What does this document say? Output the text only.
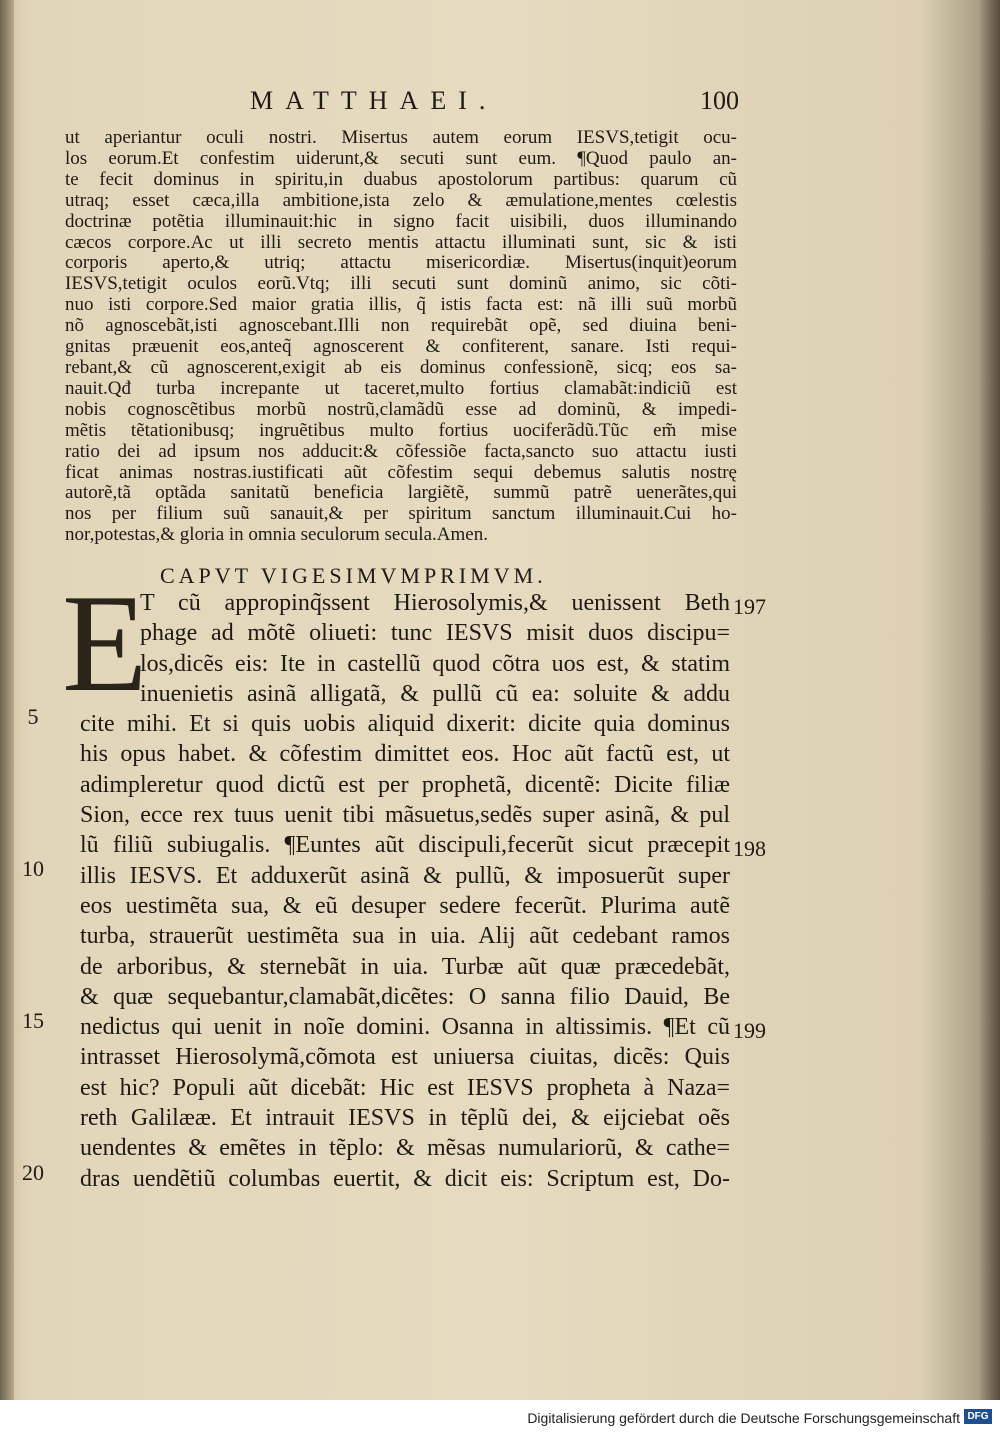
MATTHAEI.	100
ut aperiantur oculi nostri. Misertus autem eorum IESVS,tetigit ocu-
los eorum.Et confestim uiderunt,& secuti sunt eum. ¶Quod paulo an-
te fecit dominus in spiritu,in duabus apostolorum partibus: quarum cũ
utraq; esset cæca,illa ambitione,ista zelo & æmulatione,mentes cœlestis
doctrinæ potẽtia illuminauit:hic in signo facit uisibili, duos illuminando
cæcos corpore.Ac ut illi secreto mentis attactu illuminati sunt, sic & isti
corporis aperto,& utriq; attactu misericordiæ. Misertus(inquit)eorum
IESVS,tetigit oculos eorũ.Vtq; illi secuti sunt dominũ animo, sic cõti-
nuo isti corpore.Sed maior gratia illis, q̃ istis facta est: nã illi suũ morbũ
nõ agnoscebãt,isti agnoscebant.Illi non requirebãt opẽ, sed diuina beni-
gnitas præuenit eos,anteq̃ agnoscerent & confiterent, sanare. Isti requi-
rebant,& cũ agnoscerent,exigit ab eis dominus confessionẽ, sicq; eos sa-
nauit.Qđ turba increpante ut taceret,multo fortius clamabãt:indiciũ est
nobis cognoscẽtibus morbũ nostrũ,clamãdũ esse ad dominũ, & impedi-
mẽtis tẽtationibusq; ingruẽtibus multo fortius uociferãdũ.Tũc em̃ mise
ratio dei ad ipsum nos adducit:& cõfessiõe facta,sancto suo attactu iusti
ficat animas nostras.iustificati aũt cõfestim sequi debemus salutis nostrę
autorẽ,tã optãda sanitatũ beneficia largiẽtẽ, summũ patrẽ uenerãtes,qui
nos per filium suũ sanauit,& per spiritum sanctum illuminauit.Cui ho-
nor,potestas,& gloria in omnia seculorum secula.Amen.
CAPVT VIGESIMVMPRIMVM.
E
T cũ appropinq̃ssent Hierosolymis,& uenissent Beth
phage ad mõtẽ oliueti: tunc IESVS misit duos discipu=
los,dicẽs eis: Ite in castellũ quod cõtra uos est, & statim
inuenietis asinã alligatã, & pullũ cũ ea: soluite & addu
cite mihi. Et si quis uobis aliquid dixerit: dicite quia dominus
his opus habet. & cõfestim dimittet eos. Hoc aũt factũ est, ut
adimpleretur quod dictũ est per prophetã, dicentẽ: Dicite filiæ
Sion, ecce rex tuus uenit tibi mãsuetus,sedẽs super asinã, & pul
lũ filiũ subiugalis. ¶Euntes aũt discipuli,fecerũt sicut præcepit
illis IESVS. Et adduxerũt asinã & pullũ, & imposuerũt super
eos uestimẽta sua, & eũ desuper sedere fecerũt. Plurima autẽ
turba, strauerũt uestimẽta sua in uia. Alij aũt cedebant ramos
de arboribus, & sternebãt in uia. Turbæ aũt quæ præcedebãt,
& quæ sequebantur,clamabãt,dicẽtes: O sanna filio Dauid, Be
nedictus qui uenit in noĩe domini. Osanna in altissimis. ¶Et cũ
intrasset Hierosolymã,cõmota est uniuersa ciuitas, dicẽs: Quis
est hic? Populi aũt dicebãt: Hic est IESVS propheta à Naza=
reth Galilææ. Et intrauit IESVS in tẽplũ dei, & eijciebat oẽs
uendentes & emẽtes in tẽplo: & mẽsas numulariorũ, & cathe=
dras uendẽtiũ columbas euertit, & dicit eis: Scriptum est, Do-
5
10
15
20
197
198
199
Digitalisierung gefördert durch die Deutsche Forschungsgemeinschaft DFG
